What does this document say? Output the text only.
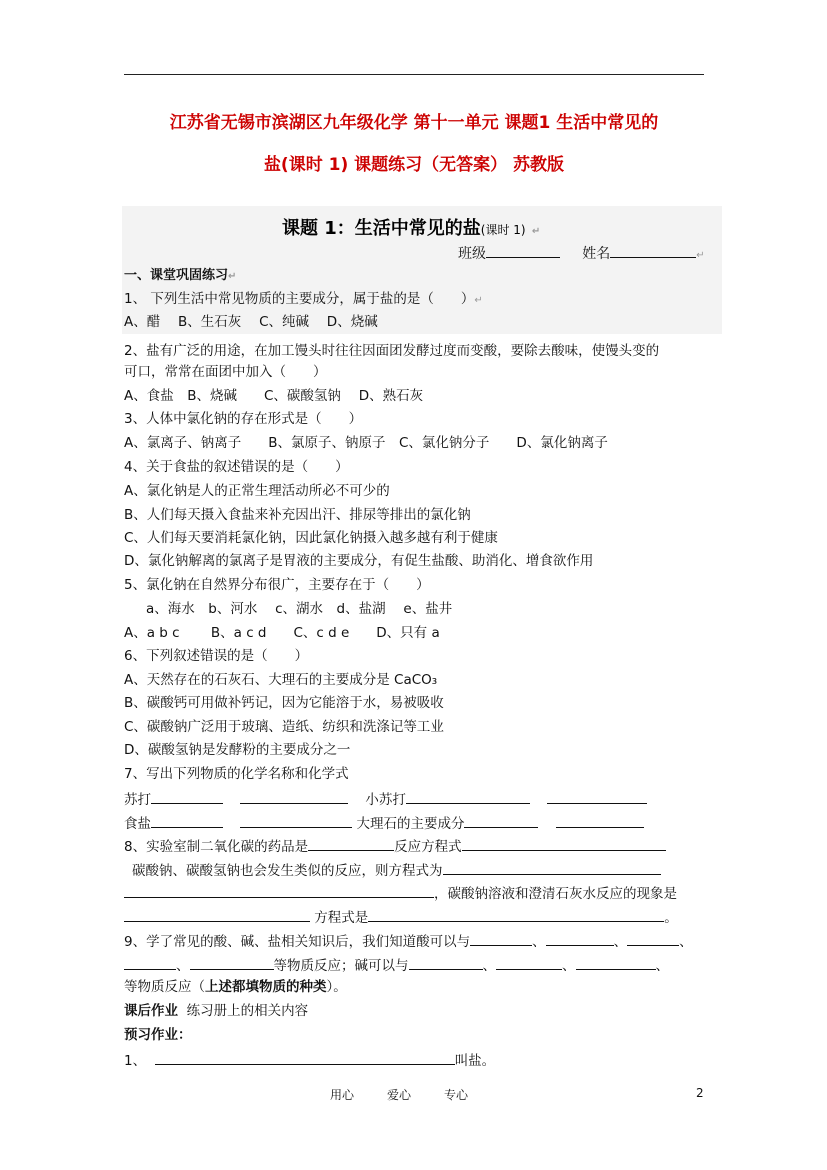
江苏省无锡市滨湖区九年级化学 第十一单元 课题1 生活中常见的
盐(课时 1) 课题练习（无答案） 苏教版
课题 1：生活中常见的盐(课时 1) ↵
班级	姓名	↵
一、课堂巩固练习↵
1、 下列生活中常见物质的主要成分，属于盐的是（　　）↵
A、醋　 B、生石灰　 C、纯碱　 D、烧碱
2、盐有广泛的用途，在加工馒头时往往因面团发酵过度而变酸，要除去酸味，使馒头变的
可口，常常在面团中加入（　　）
A、食盐　B、烧碱　　C、碳酸氢钠　 D、熟石灰
3、人体中氯化钠的存在形式是（　　）
A、氯离子、钠离子　　B、氯原子、钠原子　C、氯化钠分子　　D、氯化钠离子
4、关于食盐的叙述错误的是（　　）
A、氯化钠是人的正常生理活动所必不可少的
B、人们每天摄入食盐来补充因出汗、排尿等排出的氯化钠
C、人们每天要消耗氯化钠，因此氯化钠摄入越多越有利于健康
D、氯化钠解离的氯离子是胃液的主要成分，有促生盐酸、助消化、增食欲作用
5、氯化钠在自然界分布很广，主要存在于（　　）
a、海水　b、河水　 c、湖水　d、盐湖　 e、盐井
A、a b c　　 B、a c d　　C、c d e　　D、只有 a
6、下列叙述错误的是（　　）
A、天然存在的石灰石、大理石的主要成分是 CaCO₃
B、碳酸钙可用做补钙记，因为它能溶于水，易被吸收
C、碳酸钠广泛用于玻璃、造纸、纺织和洗涤记等工业
D、碳酸氢钠是发酵粉的主要成分之一
7、写出下列物质的化学名称和化学式
苏打	小苏打
食盐	大理石的主要成分
8、实验室制二氧化碳的药品是	反应方程式
碳酸钠、碳酸氢钠也会发生类似的反应，则方程式为
，碳酸钠溶液和澄清石灰水反应的现象是
方程式是	。
9、学了常见的酸、碱、盐相关知识后，我们知道酸可以与	、	、	、
、	等物质反应；碱可以与	、	、	、
等物质反应（上述都填物质的种类）。
课后作业 练习册上的相关内容
预习作业：
1、	叫盐。
用心	爱心	专心	2
